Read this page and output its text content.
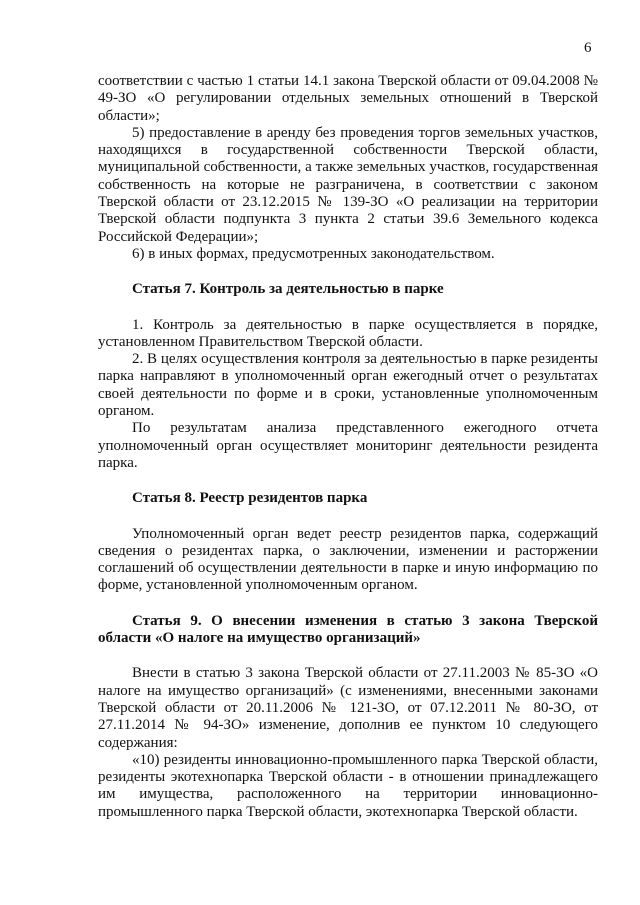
6

соответствии с частью 1 статьи 14.1 закона Тверской области от 09.04.2008 № 49-ЗО «О регулировании отдельных земельных отношений в Тверской области»;

5) предоставление в аренду без проведения торгов земельных участков, находящихся в государственной собственности Тверской области, муниципальной собственности, а также земельных участков, государственная собственность на которые не разграничена, в соответствии с законом Тверской области от 23.12.2015 № 139-ЗО «О реализации на территории Тверской области подпункта 3 пункта 2 статьи 39.6 Земельного кодекса Российской Федерации»;

6) в иных формах, предусмотренных законодательством.

Статья 7. Контроль за деятельностью в парке

1. Контроль за деятельностью в парке осуществляется в порядке, установленном Правительством Тверской области.

2. В целях осуществления контроля за деятельностью в парке резиденты парка направляют в уполномоченный орган ежегодный отчет о результатах своей деятельности по форме и в сроки, установленные уполномоченным органом.

По результатам анализа представленного ежегодного отчета уполномоченный орган осуществляет мониторинг деятельности резидента парка.

Статья 8. Реестр резидентов парка

Уполномоченный орган ведет реестр резидентов парка, содержащий сведения о резидентах парка, о заключении, изменении и расторжении соглашений об осуществлении деятельности в парке и иную информацию по форме, установленной уполномоченным органом.

Статья 9. О внесении изменения в статью 3 закона Тверской области «О налоге на имущество организаций»

Внести в статью 3 закона Тверской области от 27.11.2003 № 85-ЗО «О налоге на имущество организаций» (с изменениями, внесенными законами Тверской области от 20.11.2006 № 121-ЗО, от 07.12.2011 № 80-ЗО, от 27.11.2014 № 94-ЗО» изменение, дополнив ее пунктом 10 следующего содержания:

«10) резиденты инновационно-промышленного парка Тверской области, резиденты экотехнопарка Тверской области - в отношении принадлежащего им имущества, расположенного на территории инновационно-промышленного парка Тверской области, экотехнопарка Тверской области.
